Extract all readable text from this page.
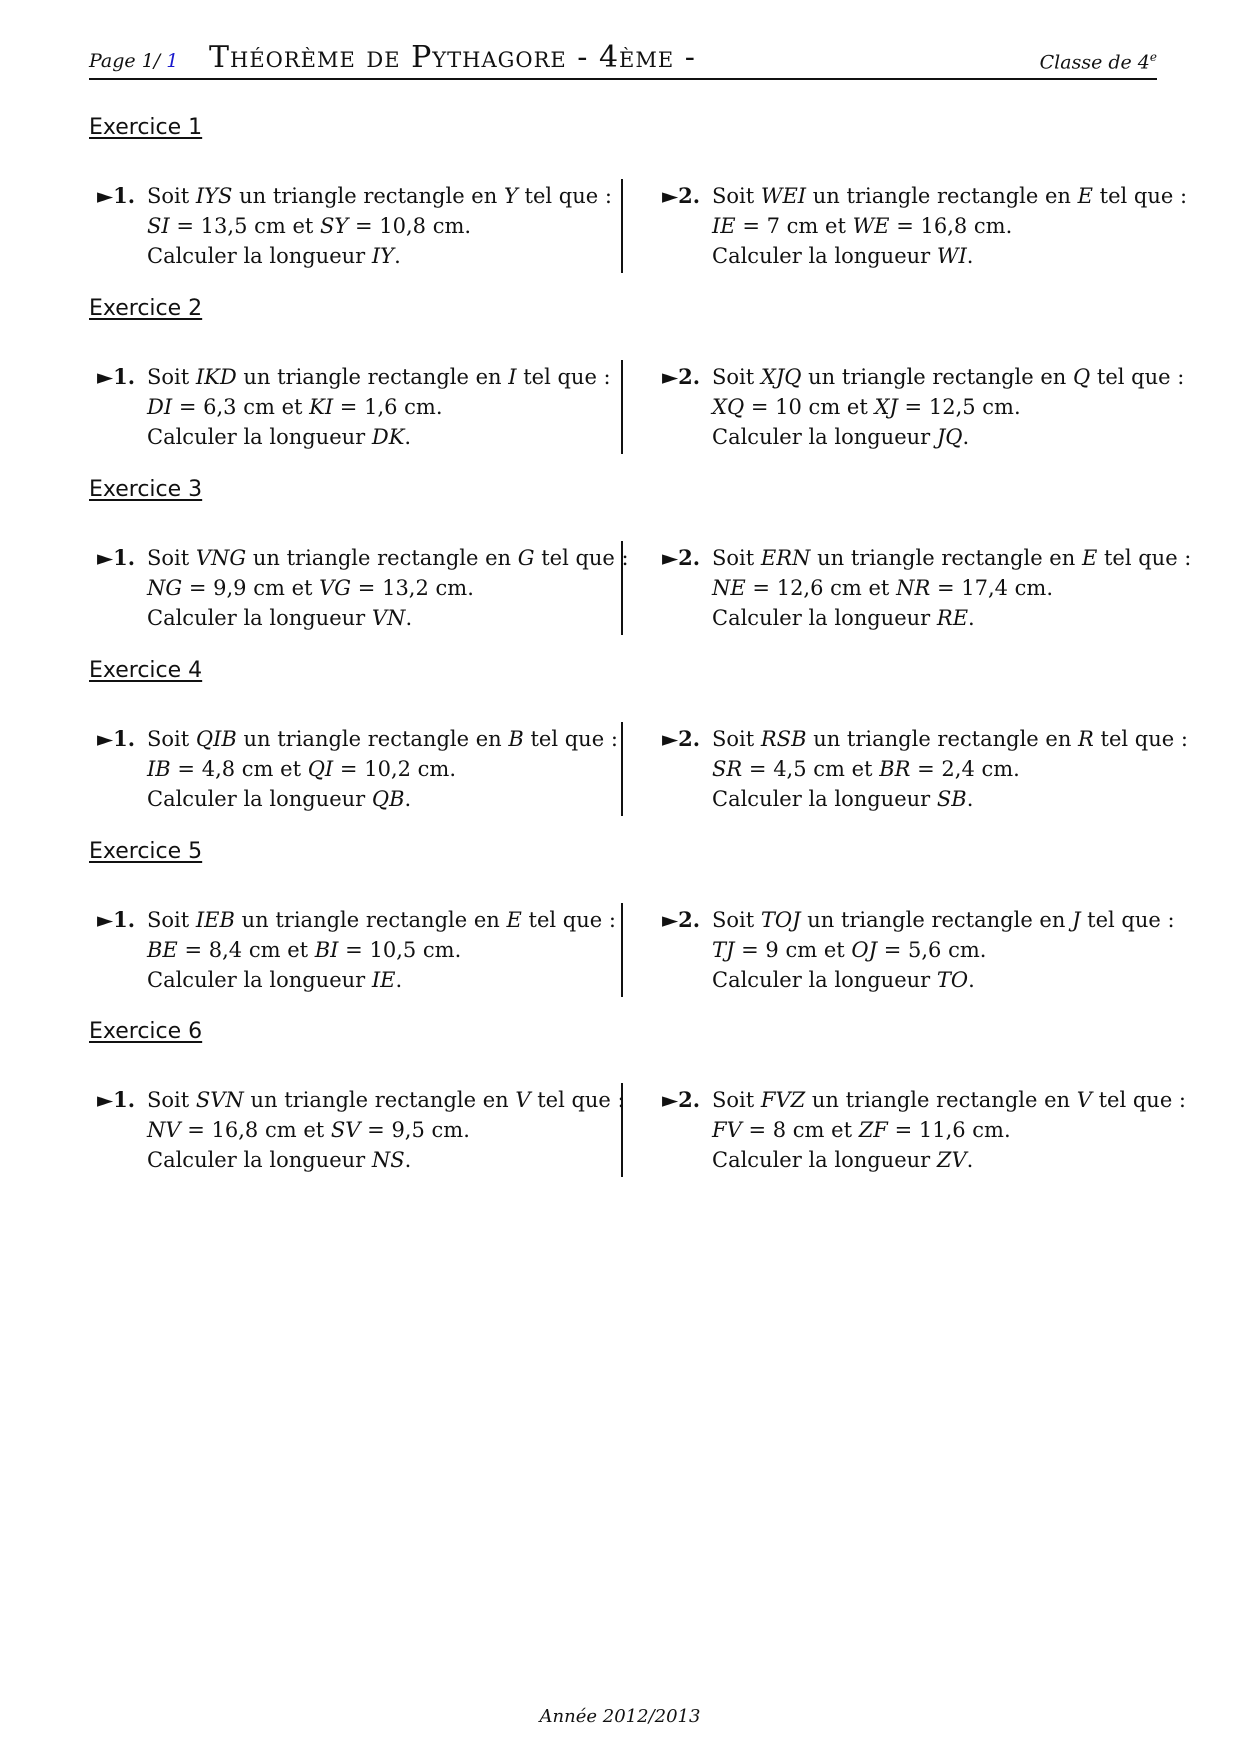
Page 1/ 1 Théorème de Pythagore - 4ème -	Classe de 4e
Exercice 1
►1. Soit IYS un triangle rectangle en Y tel que :
SI = 13,5 cm et SY = 10,8 cm.
Calculer la longueur IY.
►2. Soit WEI un triangle rectangle en E tel que :
IE = 7 cm et WE = 16,8 cm.
Calculer la longueur WI.
Exercice 2
►1. Soit IKD un triangle rectangle en I tel que :
DI = 6,3 cm et KI = 1,6 cm.
Calculer la longueur DK.
►2. Soit XJQ un triangle rectangle en Q tel que :
XQ = 10 cm et XJ = 12,5 cm.
Calculer la longueur JQ.
Exercice 3
►1. Soit VNG un triangle rectangle en G tel que :
NG = 9,9 cm et VG = 13,2 cm.
Calculer la longueur VN.
►2. Soit ERN un triangle rectangle en E tel que :
NE = 12,6 cm et NR = 17,4 cm.
Calculer la longueur RE.
Exercice 4
►1. Soit QIB un triangle rectangle en B tel que :
IB = 4,8 cm et QI = 10,2 cm.
Calculer la longueur QB.
►2. Soit RSB un triangle rectangle en R tel que :
SR = 4,5 cm et BR = 2,4 cm.
Calculer la longueur SB.
Exercice 5
►1. Soit IEB un triangle rectangle en E tel que :
BE = 8,4 cm et BI = 10,5 cm.
Calculer la longueur IE.
►2. Soit TOJ un triangle rectangle en J tel que :
TJ = 9 cm et OJ = 5,6 cm.
Calculer la longueur TO.
Exercice 6
►1. Soit SVN un triangle rectangle en V tel que :
NV = 16,8 cm et SV = 9,5 cm.
Calculer la longueur NS.
►2. Soit FVZ un triangle rectangle en V tel que :
FV = 8 cm et ZF = 11,6 cm.
Calculer la longueur ZV.
Année 2012/2013
